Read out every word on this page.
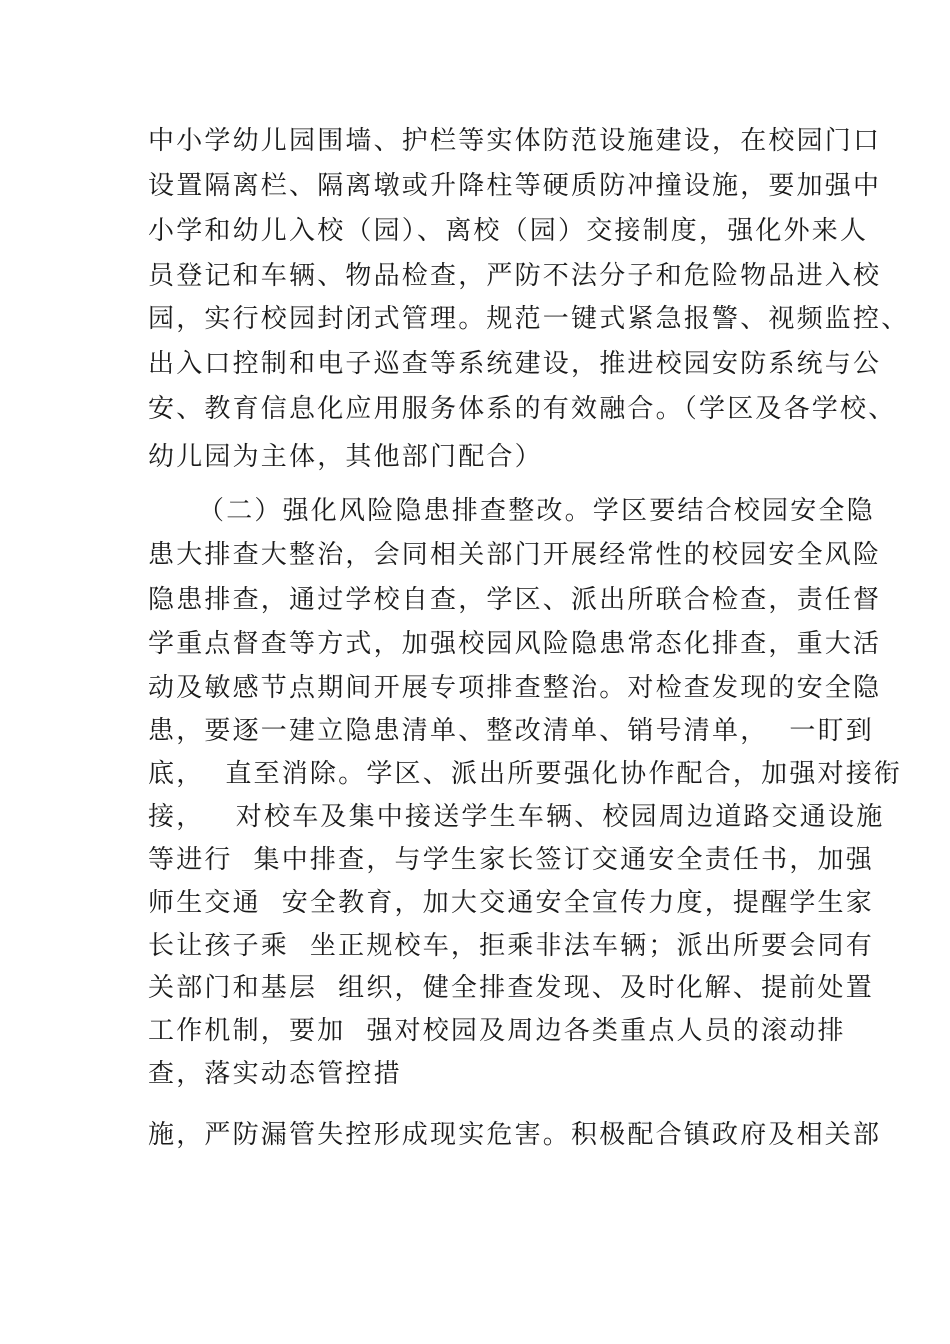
中小学幼儿园围墙、护栏等实体防范设施建设，在校园门口
设置隔离栏、隔离墩或升降柱等硬质防冲撞设施，要加强中
小学和幼儿入校（园）、离校（园）交接制度，强化外来人
员登记和车辆、物品检查，严防不法分子和危险物品进入校
园，实行校园封闭式管理。规范一键式紧急报警、视频监控、
出入口控制和电子巡查等系统建设，推进校园安防系统与公
安、教育信息化应用服务体系的有效融合。（学区及各学校、
幼儿园为主体，其他部门配合）
（二）强化风险隐患排查整改。学区要结合校园安全隐
患大排查大整治，会同相关部门开展经常性的校园安全风险
隐患排查，通过学校自查，学区、派出所联合检查，责任督
学重点督查等方式，加强校园风险隐患常态化排查，重大活
动及敏感节点期间开展专项排查整治。对检查发现的安全隐
患，要逐一建立隐患清单、整改清单、销号清单，  一盯到
底，  直至消除。学区、派出所要强化协作配合，加强对接衔
接，   对校车及集中接送学生车辆、校园周边道路交通设施
等进行  集中排查，与学生家长签订交通安全责任书，加强
师生交通  安全教育，加大交通安全宣传力度，提醒学生家
长让孩子乘  坐正规校车，拒乘非法车辆；派出所要会同有
关部门和基层  组织，健全排查发现、及时化解、提前处置
工作机制，要加  强对校园及周边各类重点人员的滚动排
查，落实动态管控措
施，严防漏管失控形成现实危害。积极配合镇政府及相关部
